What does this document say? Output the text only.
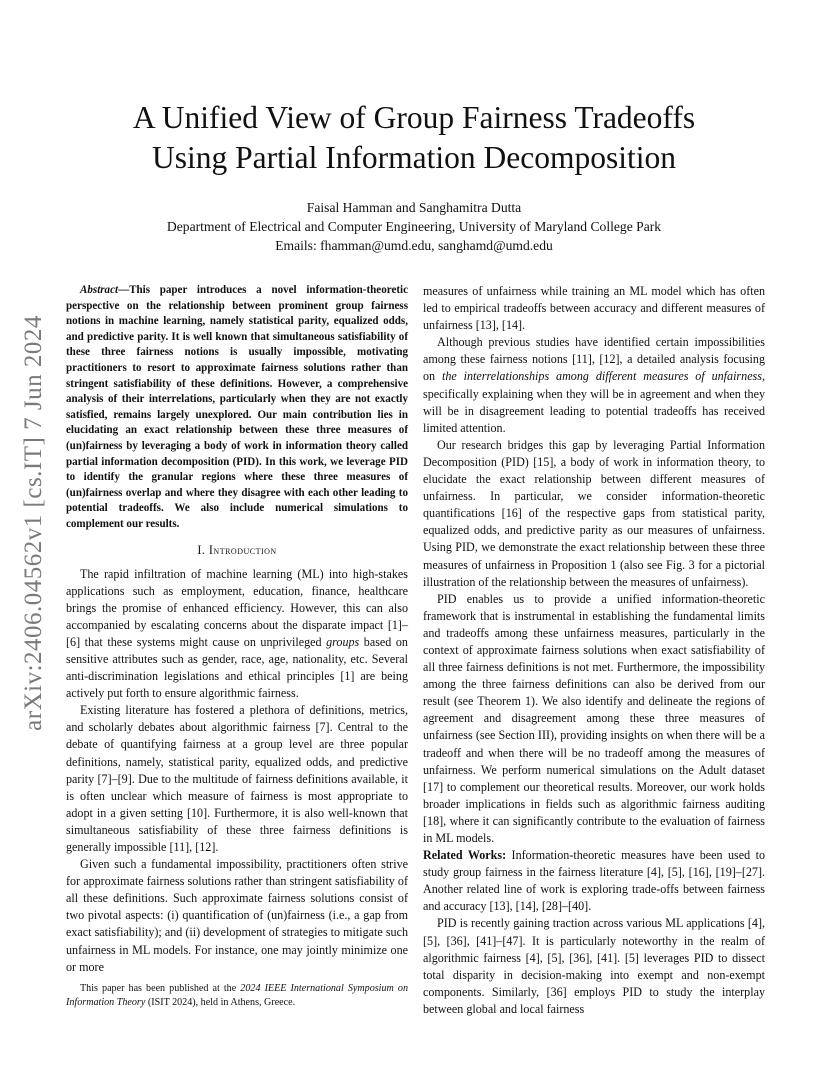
arXiv:2406.04562v1 [cs.IT] 7 Jun 2024
A Unified View of Group Fairness Tradeoffs
Using Partial Information Decomposition
Faisal Hamman and Sanghamitra Dutta
Department of Electrical and Computer Engineering, University of Maryland College Park
Emails: fhamman@umd.edu, sanghamd@umd.edu

Abstract—This paper introduces a novel information-theoretic perspective on the relationship between prominent group fairness notions in machine learning, namely statistical parity, equalized odds, and predictive parity. It is well known that simultaneous satisfiability of these three fairness notions is usually impossible, motivating practitioners to resort to approximate fairness solutions rather than stringent satisfiability of these definitions. However, a comprehensive analysis of their interrelations, particularly when they are not exactly satisfied, remains largely unexplored. Our main contribution lies in elucidating an exact relationship between these three measures of (un)fairness by leveraging a body of work in information theory called partial information decomposition (PID). In this work, we leverage PID to identify the granular regions where these three measures of (un)fairness overlap and where they disagree with each other leading to potential tradeoffs. We also include numerical simulations to complement our results.

I. Introduction

The rapid infiltration of machine learning (ML) into high-stakes applications such as employment, education, finance, healthcare brings the promise of enhanced efficiency. However, this can also accompanied by escalating concerns about the disparate impact [1]–[6] that these systems might cause on unprivileged groups based on sensitive attributes such as gender, race, age, nationality, etc. Several anti-discrimination legislations and ethical principles [1] are being actively put forth to ensure algorithmic fairness.

Existing literature has fostered a plethora of definitions, metrics, and scholarly debates about algorithmic fairness [7]. Central to the debate of quantifying fairness at a group level are three popular definitions, namely, statistical parity, equalized odds, and predictive parity [7]–[9]. Due to the multitude of fairness definitions available, it is often unclear which measure of fairness is most appropriate to adopt in a given setting [10]. Furthermore, it is also well-known that simultaneous satisfiability of these three fairness definitions is generally impossible [11], [12].

Given such a fundamental impossibility, practitioners often strive for approximate fairness solutions rather than stringent satisfiability of all these definitions. Such approximate fairness solutions consist of two pivotal aspects: (i) quantification of (un)fairness (i.e., a gap from exact satisfiability); and (ii) development of strategies to mitigate such unfairness in ML models. For instance, one may jointly minimize one or more

measures of unfairness while training an ML model which has often led to empirical tradeoffs between accuracy and different measures of unfairness [13], [14].

Although previous studies have identified certain impossibilities among these fairness notions [11], [12], a detailed analysis focusing on the interrelationships among different measures of unfairness, specifically explaining when they will be in agreement and when they will be in disagreement leading to potential tradeoffs has received limited attention.

Our research bridges this gap by leveraging Partial Information Decomposition (PID) [15], a body of work in information theory, to elucidate the exact relationship between different measures of unfairness. In particular, we consider information-theoretic quantifications [16] of the respective gaps from statistical parity, equalized odds, and predictive parity as our measures of unfairness. Using PID, we demonstrate the exact relationship between these three measures of unfairness in Proposition 1 (also see Fig. 3 for a pictorial illustration of the relationship between the measures of unfairness).

PID enables us to provide a unified information-theoretic framework that is instrumental in establishing the fundamental limits and tradeoffs among these unfairness measures, particularly in the context of approximate fairness solutions when exact satisfiability of all three fairness definitions is not met. Furthermore, the impossibility among the three fairness definitions can also be derived from our result (see Theorem 1). We also identify and delineate the regions of agreement and disagreement among these three measures of unfairness (see Section III), providing insights on when there will be a tradeoff and when there will be no tradeoff among the measures of unfairness. We perform numerical simulations on the Adult dataset [17] to complement our theoretical results. Moreover, our work holds broader implications in fields such as algorithmic fairness auditing [18], where it can significantly contribute to the evaluation of fairness in ML models.

Related Works: Information-theoretic measures have been used to study group fairness in the fairness literature [4], [5], [16], [19]–[27]. Another related line of work is exploring trade-offs between fairness and accuracy [13], [14], [28]–[40].

PID is recently gaining traction across various ML applications [4], [5], [36], [41]–[47]. It is particularly noteworthy in the realm of algorithmic fairness [4], [5], [36], [41]. [5] leverages PID to dissect total disparity in decision-making into exempt and non-exempt components. Similarly, [36] employs PID to study the interplay between global and local fairness

This paper has been published at the 2024 IEEE International Symposium on Information Theory (ISIT 2024), held in Athens, Greece.
